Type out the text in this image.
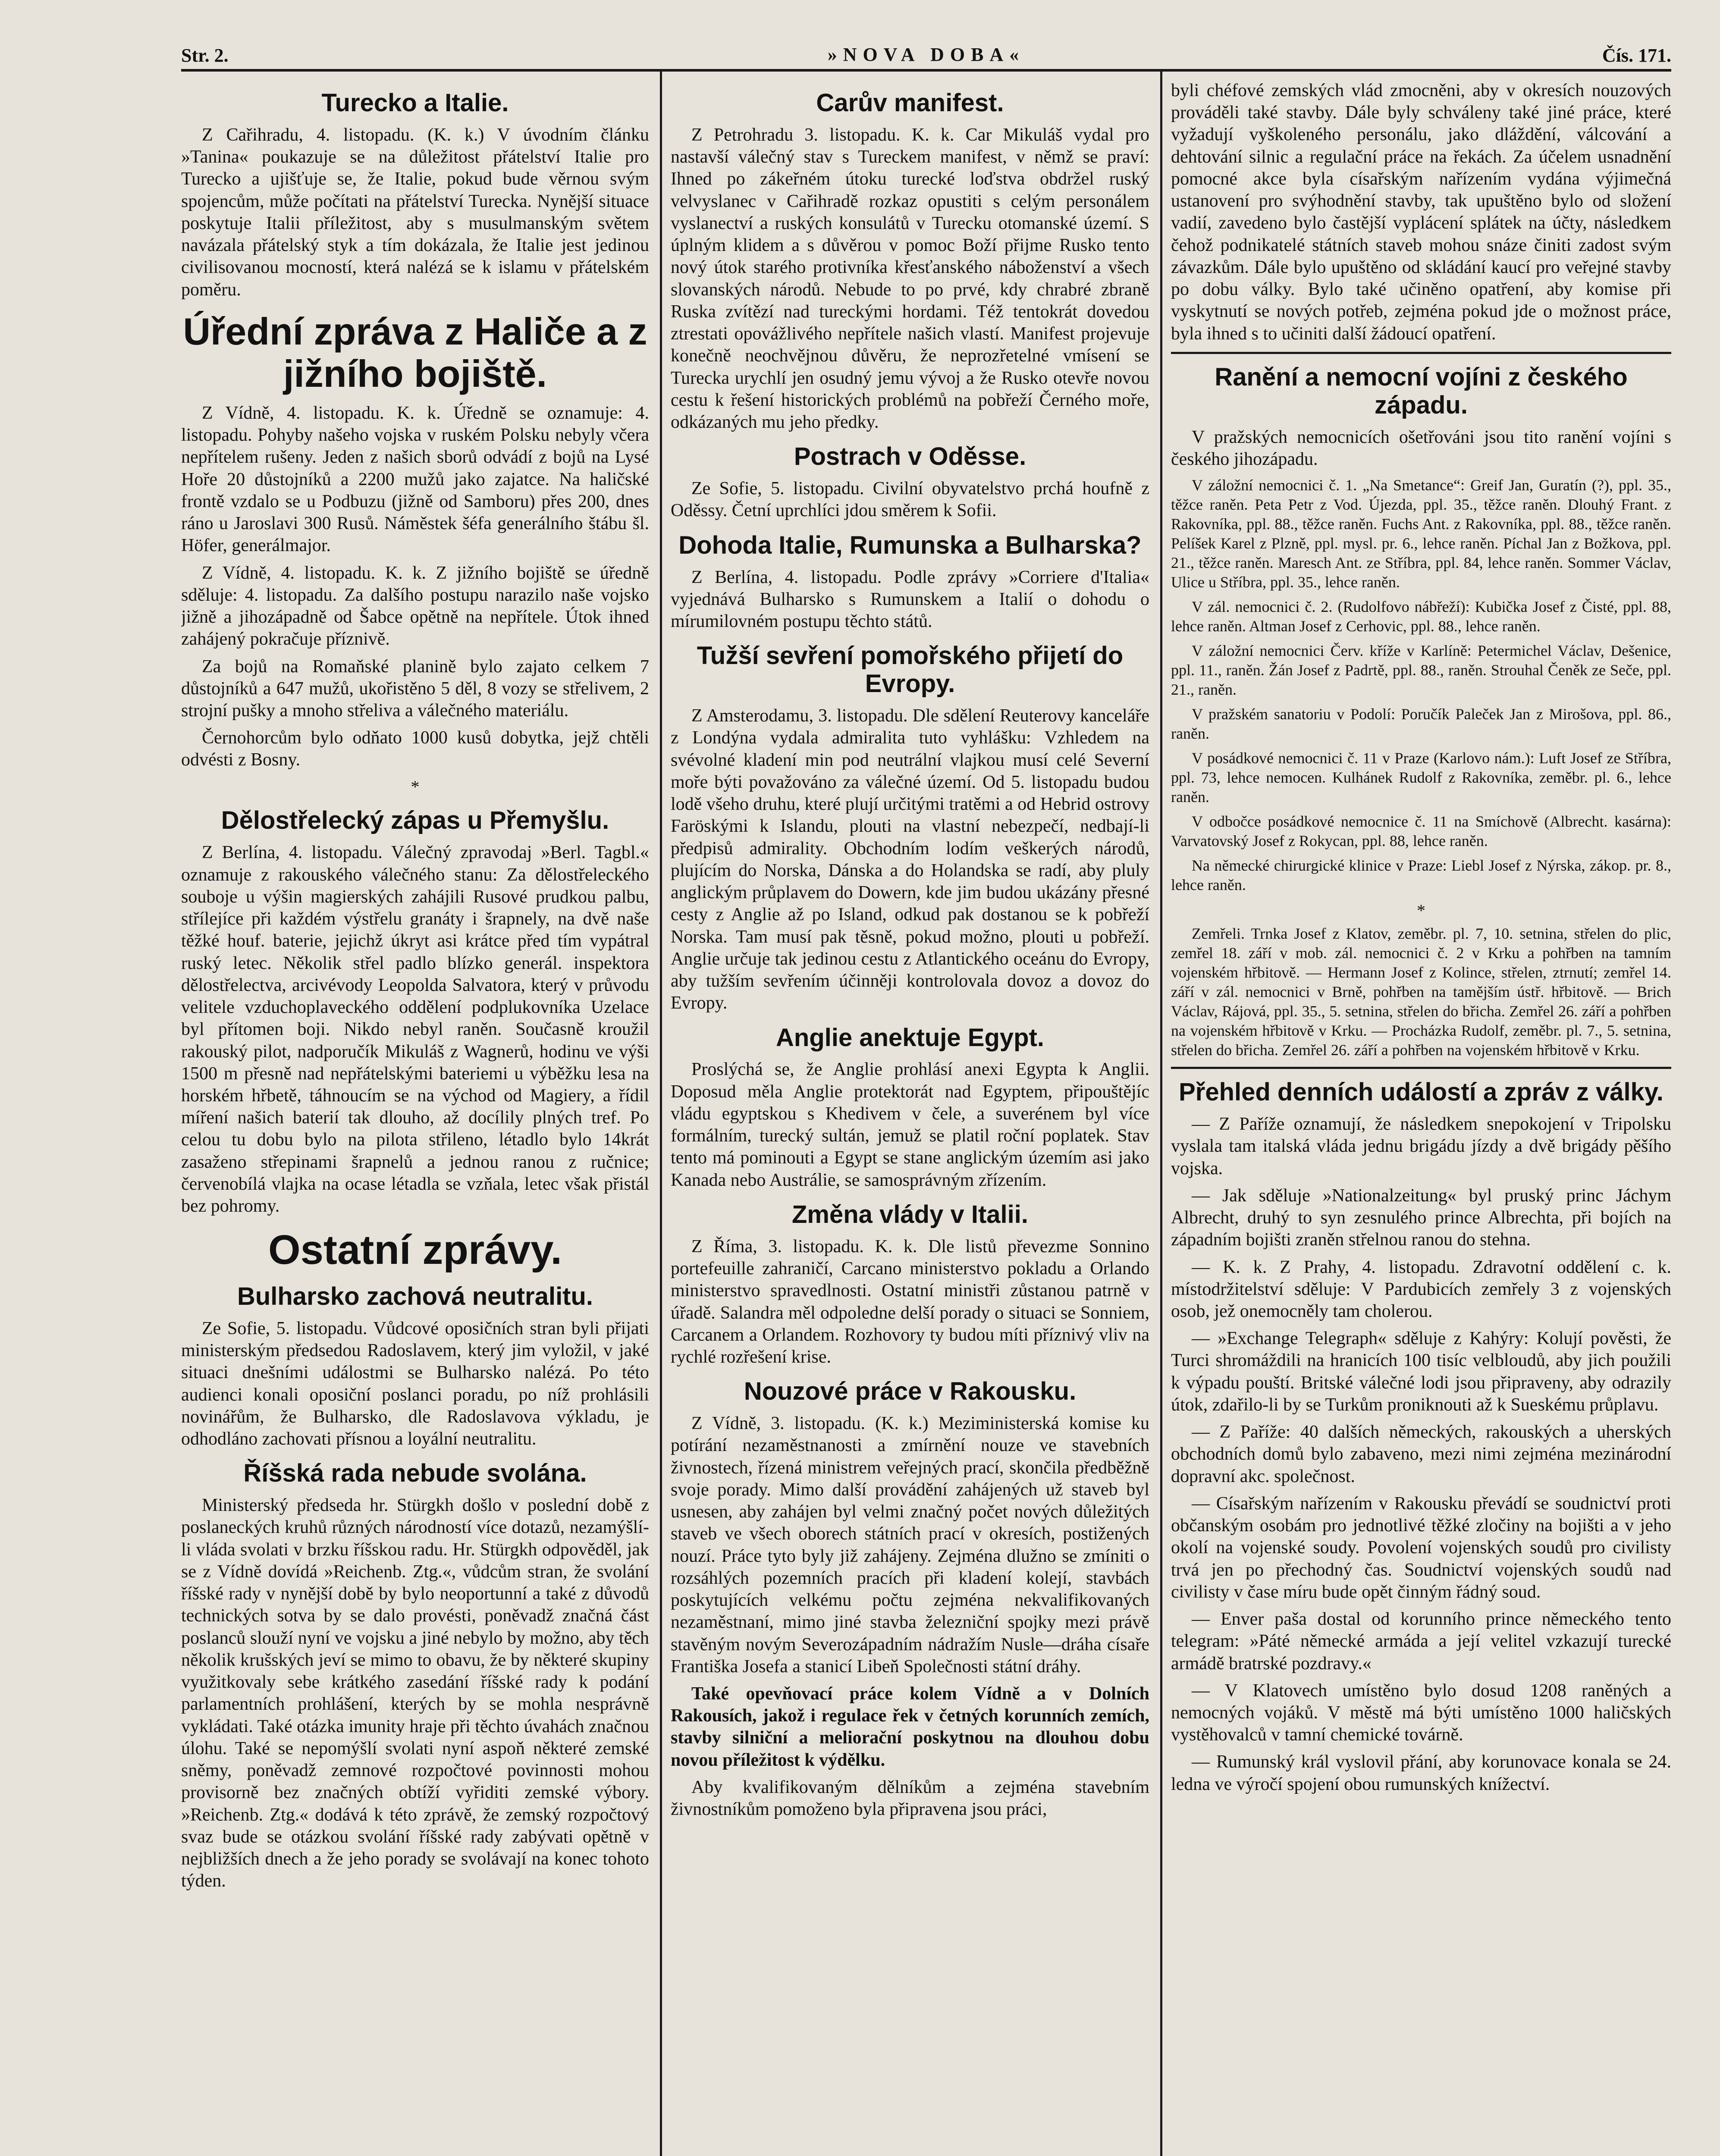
Str. 2.	»NOVA DOBA«	Čís. 171.
Turecko a Italie.

Z Cařihradu, 4. listopadu. (K. k.) V úvodním článku »Tanina« poukazuje se na důležitost přátelství Italie pro Turecko a ujišťuje se, že Italie, pokud bude věrnou svým spojencům, může počítati na přátelství Turecka. Nynější situace poskytuje Italii příležitost, aby s musulmanským světem navázala přátelský styk a tím dokázala, že Italie jest jedinou civilisovanou mocností, která nalézá se k islamu v přátelském poměru.

Úřední zpráva z Haliče a z jižního bojiště.

Z Vídně, 4. listopadu. K. k. Úředně se oznamuje: 4. listopadu. Pohyby našeho vojska v ruském Polsku nebyly včera nepřítelem rušeny. Jeden z našich sborů odvádí z bojů na Lysé Hoře 20 důstojníků a 2200 mužů jako zajatce. Na haličské frontě vzdalo se u Podbuzu (jižně od Samboru) přes 200, dnes ráno u Jaroslavi 300 Rusů. Náměstek šéfa generálního štábu šl. Höfer, generálmajor.

Z Vídně, 4. listopadu. K. k. Z jižního bojiště se úředně sděluje: 4. listopadu. Za dalšího postupu narazilo naše vojsko jižně a jihozápadně od Šabce opětně na nepřítele. Útok ihned zahájený pokračuje příznivě.

Za bojů na Romaňské planině bylo zajato celkem 7 důstojníků a 647 mužů, ukořistěno 5 děl, 8 vozy se střelivem, 2 strojní pušky a mnoho střeliva a válečného materiálu.

Černohorcům bylo odňato 1000 kusů dobytka, jejž chtěli odvésti z Bosny.

*
Dělostřelecký zápas u Přemyšlu.

Z Berlína, 4. listopadu. Válečný zpravodaj »Berl. Tagbl.« oznamuje z rakouského válečného stanu: Za dělostřeleckého souboje u výšin magierských zahájili Rusové prudkou palbu, střílejíce při každém výstřelu granáty i šrapnely, na dvě naše těžké houf. baterie, jejichž úkryt asi krátce před tím vypátral ruský letec. Několik střel padlo blízko generál. inspektora dělostřelectva, arcivévody Leopolda Salvatora, který v průvodu velitele vzduchoplaveckého oddělení podplukovníka Uzelace byl přítomen boji. Nikdo nebyl raněn. Současně kroužil rakouský pilot, nadporučík Mikuláš z Wagnerů, hodinu ve výši 1500 m přesně nad nepřátelskými bateriemi u výběžku lesa na horském hřbetě, táhnoucím se na východ od Magiery, a řídil míření našich baterií tak dlouho, až docílily plných tref. Po celou tu dobu bylo na pilota střileno, létadlo bylo 14krát zasaženo střepinami šrapnelů a jednou ranou z ručnice; červenobílá vlajka na ocase létadla se vzňala, letec však přistál bez pohromy.

Ostatní zprávy.
Bulharsko zachová neutralitu.

Ze Sofie, 5. listopadu. Vůdcové oposičních stran byli přijati ministerským předsedou Radoslavem, který jim vyložil, v jaké situaci dnešními událostmi se Bulharsko nalézá. Po této audienci konali oposiční poslanci poradu, po níž prohlásili novinářům, že Bulharsko, dle Radoslavova výkladu, je odhodláno zachovati přísnou a loyální neutralitu.

Říšská rada nebude svolána.

Ministerský předseda hr. Stürgkh došlo v poslední době z poslaneckých kruhů různých národností více dotazů, nezamýšlí-li vláda svolati v brzku říšskou radu. Hr. Stürgkh odpověděl, jak se z Vídně dovídá »Reichenb. Ztg.«, vůdcům stran, že svolání říšské rady v nynější době by bylo neoportunní a také z důvodů technických sotva by se dalo provésti, poněvadž značná část poslanců slouží nyní ve vojsku a jiné nebylo by možno, aby těch několik krušských jeví se mimo to obavu, že by některé skupiny využitkovaly sebe krátkého zasedání říšské rady k podání parlamentních prohlášení, kterých by se mohla nesprávně vykládati. Také otázka imunity hraje při těchto úvahách značnou úlohu. Také se nepomýšlí svolati nyní aspoň některé zemské sněmy, poněvadž zemnové rozpočtové povinnosti mohou provisorně bez značných obtíží vyřiditi zemské výbory. »Reichenb. Ztg.« dodává k této zprávě, že zemský rozpočtový svaz bude se otázkou svolání říšské rady zabývati opětně v nejbližších dnech a že jeho porady se svolávají na konec tohoto týden.

Carův manifest.

Z Petrohradu 3. listopadu. K. k. Car Mikuláš vydal pro nastavší válečný stav s Tureckem manifest, v němž se praví: Ihned po zákeřném útoku turecké loďstva obdržel ruský velvyslanec v Cařihradě rozkaz opustiti s celým personálem vyslanectví a ruských konsulátů v Turecku otomanské území. S úplným klidem a s důvěrou v pomoc Boží přijme Rusko tento nový útok starého protivníka křesťanského náboženství a všech slovanských národů. Nebude to po prvé, kdy chrabré zbraně Ruska zvítězí nad tureckými hordami. Též tentokrát dovedou ztrestati opovážlivého nepřítele našich vlastí. Manifest projevuje konečně neochvějnou důvěru, že neprozřetelné vmísení se Turecka urychlí jen osudný jemu vývoj a že Rusko otevře novou cestu k řešení historických problémů na pobřeží Černého moře, odkázaných mu jeho předky.

Postrach v Oděsse.

Ze Sofie, 5. listopadu. Civilní obyvatelstvo prchá houfně z Oděssy. Četní uprchlíci jdou směrem k Sofii.

Dohoda Italie, Rumunska a Bulharska?

Z Berlína, 4. listopadu. Podle zprávy »Corriere d'Italia« vyjednává Bulharsko s Rumunskem a Italií o dohodu o mírumilovném postupu těchto států.

Tužší sevření pomořského přijetí do Evropy.

Z Amsterodamu, 3. listopadu. Dle sdělení Reuterovy kanceláře z Londýna vydala admiralita tuto vyhlášku: Vzhledem na svévolné kladení min pod neutrální vlajkou musí celé Severní moře býti považováno za válečné území. Od 5. listopadu budou lodě všeho druhu, které plují určitými tratěmi a od Hebrid ostrovy Faröskými k Islandu, plouti na vlastní nebezpečí, nedbají-li předpisů admirality. Obchodním lodím veškerých národů, plujícím do Norska, Dánska a do Holandska se radí, aby pluly anglickým průplavem do Dowern, kde jim budou ukázány přesné cesty z Anglie až po Island, odkud pak dostanou se k pobřeží Norska. Tam musí pak těsně, pokud možno, plouti u pobřeží. Anglie určuje tak jedinou cestu z Atlantického oceánu do Evropy, aby tužším sevřením účinněji kontrolovala dovoz a dovoz do Evropy.

Anglie anektuje Egypt.

Proslýchá se, že Anglie prohlásí anexi Egypta k Anglii. Doposud měla Anglie protektorát nad Egyptem, připouštějíc vládu egyptskou s Khedivem v čele, a suverénem byl více formálním, turecký sultán, jemuž se platil roční poplatek. Stav tento má pominouti a Egypt se stane anglickým územím asi jako Kanada nebo Austrálie, se samosprávným zřízením.

Změna vlády v Italii.

Z Říma, 3. listopadu. K. k. Dle listů převezme Sonnino portefeuille zahraničí, Carcano ministerstvo pokladu a Orlando ministerstvo spravedlnosti. Ostatní ministři zůstanou patrně v úřadě. Salandra měl odpoledne delší porady o situaci se Sonniem, Carcanem a Orlandem. Rozhovory ty budou míti příznivý vliv na rychlé rozřešení krise.

Nouzové práce v Rakousku.

Z Vídně, 3. listopadu. (K. k.) Meziministerská komise ku potírání nezaměstnanosti a zmírnění nouze ve stavebních živnostech, řízená ministrem veřejných prací, skončila předběžně svoje porady. Mimo další provádění zahájených už staveb byl usnesen, aby zahájen byl velmi značný počet nových důležitých staveb ve všech oborech státních prací v okresích, postižených nouzí. Práce tyto byly již zahájeny. Zejména dlužno se zmíniti o rozsáhlých pozemních pracích při kladení kolejí, stavbách poskytujících velkému počtu zejména nekvalifikovaných nezaměstnaní, mimo jiné stavba železniční spojky mezi právě stavěným novým Severozápadním nádražím Nusle—dráha císaře Františka Josefa a stanicí Libeň Společnosti státní dráhy.

Také opevňovací práce kolem Vídně a v Dolních Rakousích, jakož i regulace řek v četných korunních zemích, stavby silniční a meliorační poskytnou na dlouhou dobu novou příležitost k výdělku.

Aby kvalifikovaným dělníkům a zejména stavebním živnostníkům pomoženo byla připravena jsou práci,

byli chéfové zemských vlád zmocněni, aby v okresích nouzových prováděli také stavby. Dále byly schváleny také jiné práce, které vyžadují vyškoleného personálu, jako dláždění, válcování a dehtování silnic a regulační práce na řekách. Za účelem usnadnění pomocné akce byla císařským nařízením vydána výjimečná ustanovení pro svýhodnění stavby, tak upuštěno bylo od složení vadií, zavedeno bylo častější vyplácení splátek na účty, následkem čehož podnikatelé státních staveb mohou snáze činiti zadost svým závazkům. Dále bylo upuštěno od skládání kaucí pro veřejné stavby po dobu války. Bylo také učiněno opatření, aby komise při vyskytnutí se nových potřeb, zejména pokud jde o možnost práce, byla ihned s to učiniti další žádoucí opatření.

Ranění a nemocní vojíni z českého západu.

V pražských nemocnicích ošetřováni jsou tito ranění vojíni s českého jihozápadu.

V záložní nemocnici č. 1. „Na Smetance“: Greif Jan, Guratín (?), ppl. 35., těžce raněn. Peta Petr z Vod. Újezda, ppl. 35., těžce raněn. Dlouhý Frant. z Rakovníka, ppl. 88., těžce raněn. Fuchs Ant. z Rakovníka, ppl. 88., těžce raněn. Pelíšek Karel z Plzně, ppl. mysl. pr. 6., lehce raněn. Píchal Jan z Božkova, ppl. 21., těžce raněn. Maresch Ant. ze Stříbra, ppl. 84, lehce raněn. Sommer Václav, Ulice u Stříbra, ppl. 35., lehce raněn.

V zál. nemocnici č. 2. (Rudolfovo nábřeží): Kubička Josef z Čisté, ppl. 88, lehce raněn. Altman Josef z Cerhovic, ppl. 88., lehce raněn.

V záložní nemocnici Červ. kříže v Karlíně: Petermichel Václav, Dešenice, ppl. 11., raněn. Žán Josef z Padrtě, ppl. 88., raněn. Strouhal Čeněk ze Seče, ppl. 21., raněn.

V pražském sanatoriu v Podolí: Poručík Paleček Jan z Mirošova, ppl. 86., raněn.

V posádkové nemocnici č. 11 v Praze (Karlovo nám.): Luft Josef ze Stříbra, ppl. 73, lehce nemocen. Kulhánek Rudolf z Rakovníka, zeměbr. pl. 6., lehce raněn.

V odbočce posádkové nemocnice č. 11 na Smíchově (Albrecht. kasárna): Varvatovský Josef z Rokycan, ppl. 88, lehce raněn.

Na německé chirurgické klinice v Praze: Liebl Josef z Nýrska, zákop. pr. 8., lehce raněn.

*

Zemřeli. Trnka Josef z Klatov, zeměbr. pl. 7, 10. setnina, střelen do plic, zemřel 18. září v mob. zál. nemocnici č. 2 v Krku a pohřben na tamním vojenském hřbitově. — Hermann Josef z Kolince, střelen, ztrnutí; zemřel 14. září v zál. nemocnici v Brně, pohřben na tamějším ústř. hřbitově. — Brich Václav, Rájová, ppl. 35., 5. setnina, střelen do břicha. Zemřel 26. září a pohřben na vojenském hřbitově v Krku. — Procházka Rudolf, zeměbr. pl. 7., 5. setnina, střelen do břicha. Zemřel 26. září a pohřben na vojenském hřbitově v Krku.

Přehled denních událostí a zpráv z války.

— Z Paříže oznamují, že následkem snepokojení v Tripolsku vyslala tam italská vláda jednu brigádu jízdy a dvě brigády pěšího vojska.

— Jak sděluje »Nationalzeitung« byl pruský princ Jáchym Albrecht, druhý to syn zesnulého prince Albrechta, při bojích na západním bojišti zraněn střelnou ranou do stehna.

— K. k. Z Prahy, 4. listopadu. Zdravotní oddělení c. k. místodržitelství sděluje: V Pardubicích zemřely 3 z vojenských osob, jež onemocněly tam cholerou.

— »Exchange Telegraph« sděluje z Kahýry: Kolují pověsti, že Turci shromáždili na hranicích 100 tisíc velbloudů, aby jich použili k výpadu pouští. Britské válečné lodi jsou připraveny, aby odrazily útok, zdařilo-li by se Turkům proniknouti až k Sueskému průplavu.

— Z Paříže: 40 dalších německých, rakouských a uherských obchodních domů bylo zabaveno, mezi nimi zejména mezinárodní dopravní akc. společnost.

— Císařským nařízením v Rakousku převádí se soudnictví proti občanským osobám pro jednotlivé těžké zločiny na bojišti a v jeho okolí na vojenské soudy. Povolení vojenských soudů pro civilisty trvá jen po přechodný čas. Soudnictví vojenských soudů nad civilisty v čase míru bude opět činným řádný soud.

— Enver paša dostal od korunního prince německého tento telegram: »Páté německé armáda a její velitel vzkazují turecké armádě bratrské pozdravy.«

— V Klatovech umístěno bylo dosud 1208 raněných a nemocných vojáků. V městě má býti umístěno 1000 haličských vystěhovalců v tamní chemické továrně.

— Rumunský král vyslovil přání, aby korunovace konala se 24. ledna ve výročí spojení obou rumunských knížectví.
